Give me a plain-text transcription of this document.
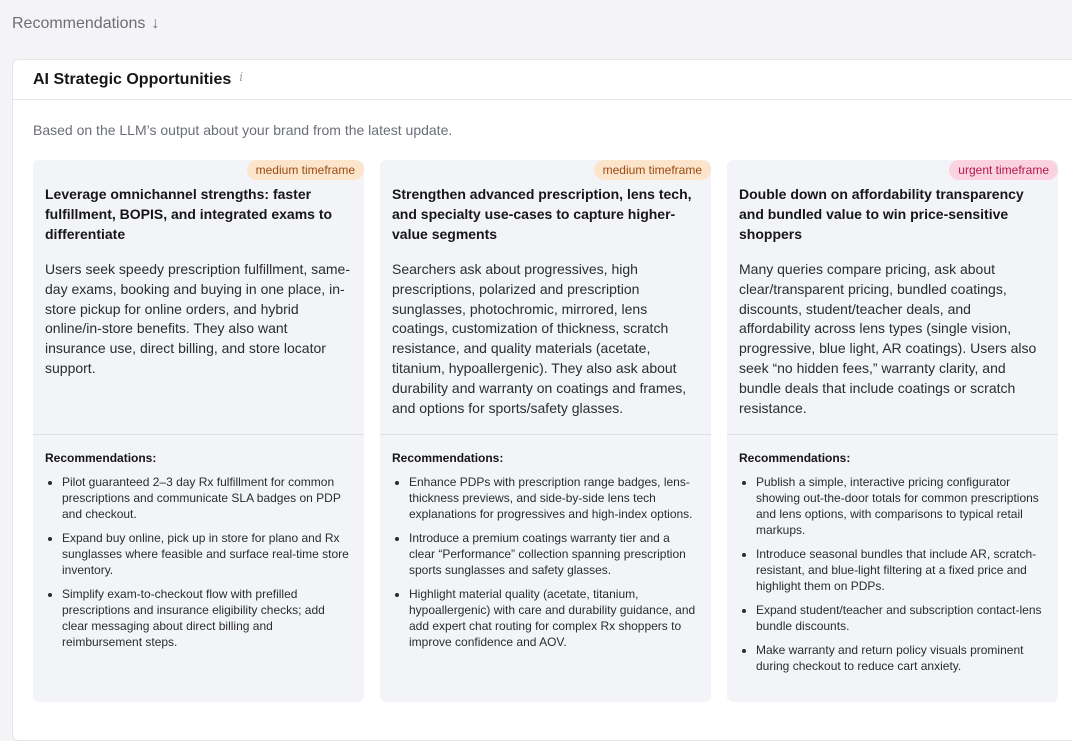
Recommendations ↓
AI Strategic Opportunities i
Based on the LLM’s output about your brand from the latest update.
medium timeframe

Leverage omnichannel strengths: faster fulfillment, BOPIS, and integrated exams to differentiate

Users seek speedy prescription fulfillment, same-day exams, booking and buying in one place, in-store pickup for online orders, and hybrid online/in-store benefits. They also want insurance use, direct billing, and store locator support.
Recommendations:
• Pilot guaranteed 2–3 day Rx fulfillment for common prescriptions and communicate SLA badges on PDP and checkout.
• Expand buy online, pick up in store for plano and Rx sunglasses where feasible and surface real-time store inventory.
• Simplify exam-to-checkout flow with prefilled prescriptions and insurance eligibility checks; add clear messaging about direct billing and reimbursement steps.
medium timeframe

Strengthen advanced prescription, lens tech, and specialty use-cases to capture higher-value segments

Searchers ask about progressives, high prescriptions, polarized and prescription sunglasses, photochromic, mirrored, lens coatings, customization of thickness, scratch resistance, and quality materials (acetate, titanium, hypoallergenic). They also ask about durability and warranty on coatings and frames, and options for sports/safety glasses.
Recommendations:
• Enhance PDPs with prescription range badges, lens-thickness previews, and side-by-side lens tech explanations for progressives and high-index options.
• Introduce a premium coatings warranty tier and a clear “Performance” collection spanning prescription sports sunglasses and safety glasses.
• Highlight material quality (acetate, titanium, hypoallergenic) with care and durability guidance, and add expert chat routing for complex Rx shoppers to improve confidence and AOV.
urgent timeframe

Double down on affordability transparency and bundled value to win price-sensitive shoppers

Many queries compare pricing, ask about clear/transparent pricing, bundled coatings, discounts, student/teacher deals, and affordability across lens types (single vision, progressive, blue light, AR coatings). Users also seek “no hidden fees,” warranty clarity, and bundle deals that include coatings or scratch resistance.
Recommendations:
• Publish a simple, interactive pricing configurator showing out-the-door totals for common prescriptions and lens options, with comparisons to typical retail markups.
• Introduce seasonal bundles that include AR, scratch-resistant, and blue-light filtering at a fixed price and highlight them on PDPs.
• Expand student/teacher and subscription contact-lens bundle discounts.
• Make warranty and return policy visuals prominent during checkout to reduce cart anxiety.
